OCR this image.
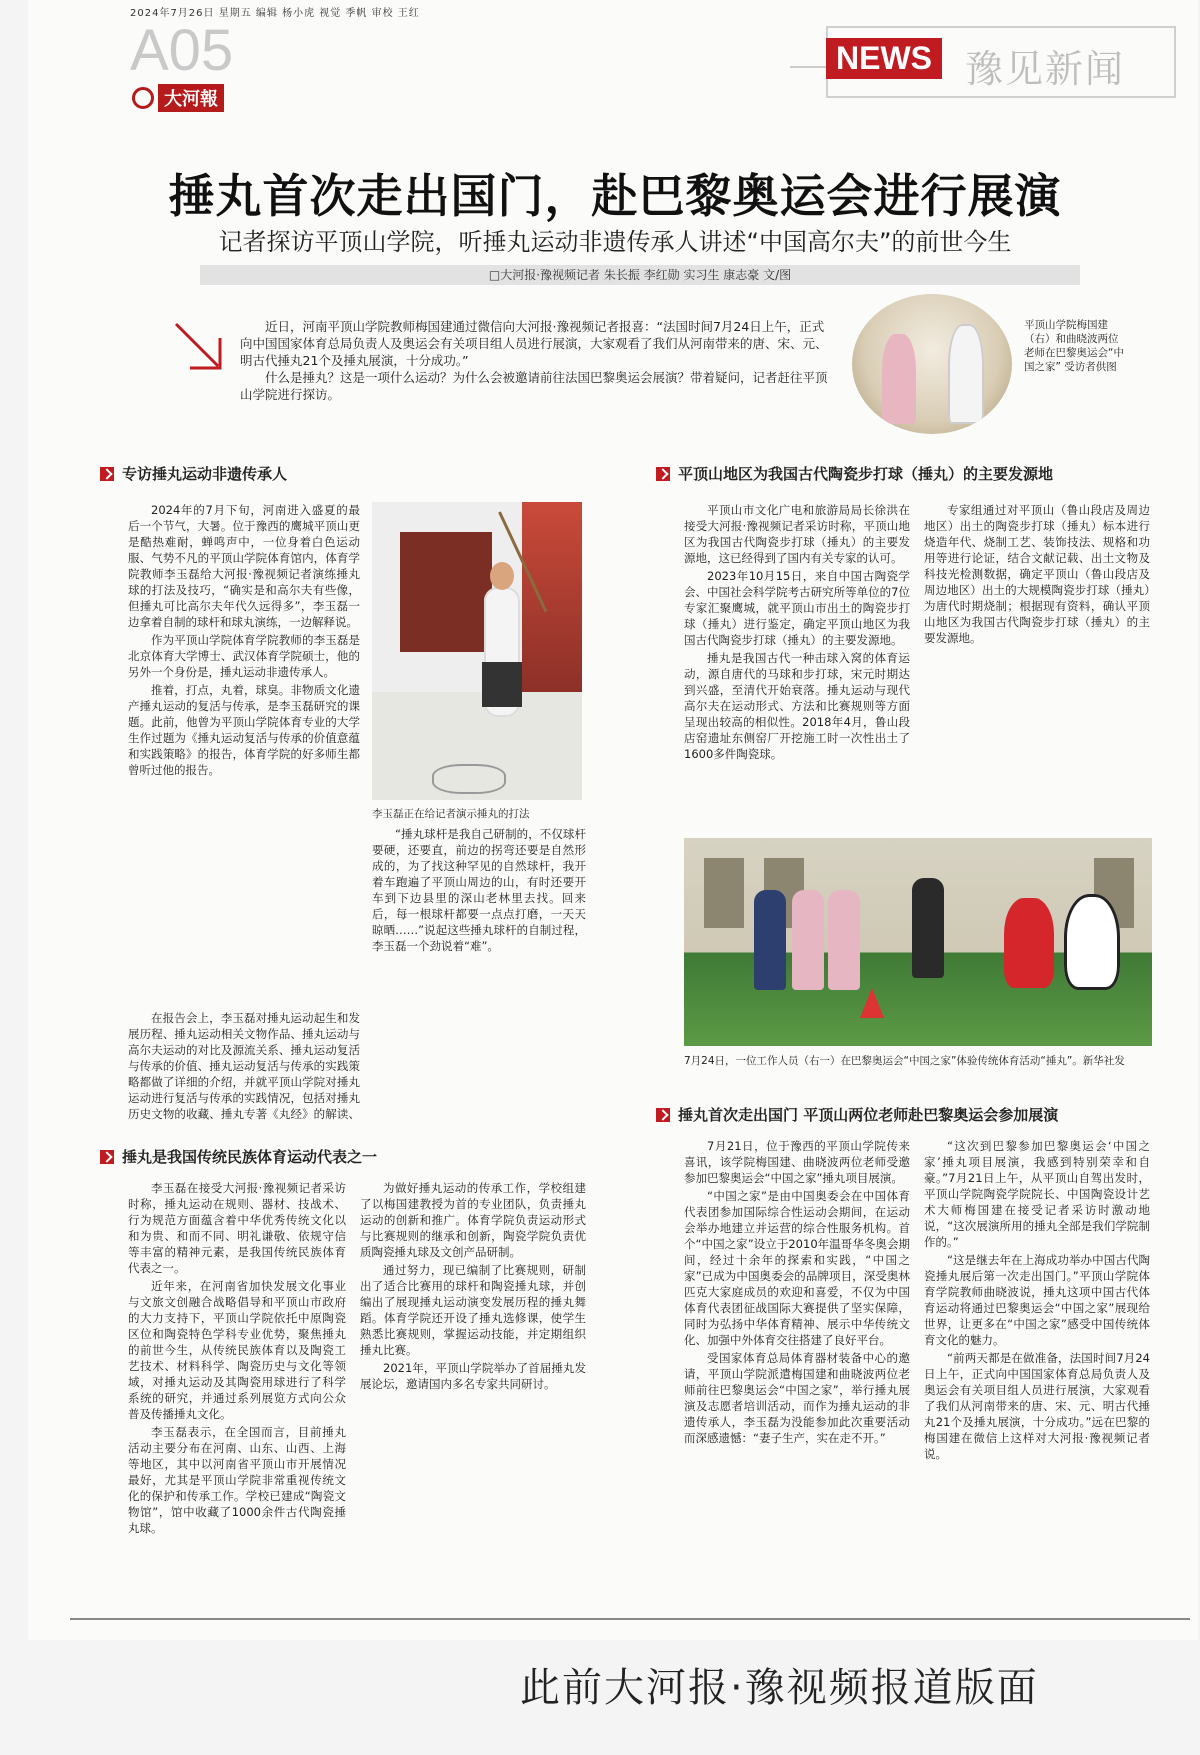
2024年7月26日 星期五 编辑 杨小虎 视觉 季帆 审校 王红
A05
大河報
NEWS 豫见新闻
捶丸首次走出国门，赴巴黎奥运会进行展演
记者探访平顶山学院，听捶丸运动非遗传承人讲述“中国高尔夫”的前世今生
□大河报·豫视频记者 朱长振 李红勋 实习生 康志豪 文/图

近日，河南平顶山学院教师梅国建通过微信向大河报·豫视频记者报喜：“法国时间7月24日上午，正式向中国国家体育总局负责人及奥运会有关项目组人员进行展演，大家观看了我们从河南带来的唐、宋、元、明古代捶丸21个及捶丸展演，十分成功。”

什么是捶丸？这是一项什么运动？为什么会被邀请前往法国巴黎奥运会展演？带着疑问，记者赶往平顶山学院进行探访。

平顶山学院梅国建（右）和曲晓波两位老师在巴黎奥运会“中国之家” 受访者供图
专访捶丸运动非遗传承人

2024年的7月下旬，河南进入盛夏的最后一个节气，大暑。位于豫西的鹰城平顶山更是酷热难耐，蝉鸣声中，一位身着白色运动服、气势不凡的平顶山学院体育馆内，体育学院教师李玉磊给大河报·豫视频记者演练捶丸球的打法及技巧，“确实是和高尔夫有些像，但捶丸可比高尔夫年代久远得多”，李玉磊一边拿着自制的球杆和球丸演练，一边解释说。

作为平顶山学院体育学院教师的李玉磊是北京体育大学博士、武汉体育学院硕士，他的另外一个身份是，捶丸运动非遗传承人。

推着，打点，丸着，球臭。非物质文化遗产捶丸运动的复活与传承，是李玉磊研究的课题。此前，他曾为平顶山学院体育专业的大学生作过题为《捶丸运动复活与传承的价值意蕴和实践策略》的报告，体育学院的好多师生都曾听过他的报告。

在报告会上，李玉磊对捶丸运动起生和发展历程、捶丸运动相关文物作品、捶丸运动与高尔夫运动的对比及源流关系、捶丸运动复活与传承的价值、捶丸运动复活与传承的实践策略都做了详细的介绍，并就平顶山学院对捶丸运动进行复活与传承的实践情况，包括对捶丸历史文物的收藏、捶丸专著《丸经》的解读、

李玉磊正在给记者演示捶丸的打法

“捶丸球杆是我自己研制的，不仅球杆要硬，还要直，前边的拐弯还要是自然形成的，为了找这种罕见的自然球杆，我开着车跑遍了平顶山周边的山，有时还要开车到下边县里的深山老林里去找。回来后，每一根球杆都要一点点打磨，一天天晾晒……”说起这些捶丸球杆的自制过程，李玉磊一个劲说着“难”。

捶丸是我国传统民族体育运动代表之一

李玉磊在接受大河报·豫视频记者采访时称，捶丸运动在规则、器材、技战术、行为规范方面蕴含着中华优秀传统文化以和为贵、和而不同、明礼谦敬、依规守信等丰富的精神元素，是我国传统民族体育代表之一。

近年来，在河南省加快发展文化事业与文旅文创融合战略倡导和平顶山市政府的大力支持下，平顶山学院依托中原陶瓷区位和陶瓷特色学科专业优势，聚焦捶丸的前世今生，从传统民族体育以及陶瓷工艺技术、材料科学、陶瓷历史与文化等领域，对捶丸运动及其陶瓷用球进行了科学系统的研究，并通过系列展览方式向公众普及传播捶丸文化。

李玉磊表示，在全国而言，目前捶丸活动主要分布在河南、山东、山西、上海等地区，其中以河南省平顶山市开展情况最好，尤其是平顶山学院非常重视传统文化的保护和传承工作。学校已建成“陶瓷文物馆”，馆中收藏了1000余件古代陶瓷捶丸球。

为做好捶丸运动的传承工作，学校组建了以梅国建教授为首的专业团队，负责捶丸运动的创新和推广。体育学院负责运动形式与比赛规则的继承和创新，陶瓷学院负责优质陶瓷捶丸球及文创产品研制。

通过努力，现已编制了比赛规则，研制出了适合比赛用的球杆和陶瓷捶丸球，并创编出了展现捶丸运动演变发展历程的捶丸舞蹈。体育学院还开设了捶丸选修课，使学生熟悉比赛规则，掌握运动技能，并定期组织捶丸比赛。

2021年，平顶山学院举办了首届捶丸发展论坛，邀请国内多名专家共同研讨。

平顶山地区为我国古代陶瓷步打球（捶丸）的主要发源地

平顶山市文化广电和旅游局局长徐洪在接受大河报·豫视频记者采访时称，平顶山地区为我国古代陶瓷步打球（捶丸）的主要发源地，这已经得到了国内有关专家的认可。

2023年10月15日，来自中国古陶瓷学会、中国社会科学院考古研究所等单位的7位专家汇聚鹰城，就平顶山市出土的陶瓷步打球（捶丸）进行鉴定，确定平顶山地区为我国古代陶瓷步打球（捶丸）的主要发源地。

捶丸是我国古代一种击球入窝的体育运动，源自唐代的马球和步打球，宋元时期达到兴盛，至清代开始衰落。捶丸运动与现代高尔夫在运动形式、方法和比赛规则等方面呈现出较高的相似性。2018年4月，鲁山段店窑遗址东侧窑厂开挖施工时一次性出土了1600多件陶瓷球。

专家组通过对平顶山（鲁山段店及周边地区）出土的陶瓷步打球（捶丸）标本进行烧造年代、烧制工艺、装饰技法、规格和功用等进行论证，结合文献记载、出土文物及科技光检测数据，确定平顶山（鲁山段店及周边地区）出土的大规模陶瓷步打球（捶丸）为唐代时期烧制；根据现有资料，确认平顶山地区为我国古代陶瓷步打球（捶丸）的主要发源地。

7月24日，一位工作人员（右一）在巴黎奥运会“中国之家”体验传统体育活动“捶丸”。新华社发
捶丸首次走出国门 平顶山两位老师赴巴黎奥运会参加展演

7月21日，位于豫西的平顶山学院传来喜讯，该学院梅国建、曲晓波两位老师受邀参加巴黎奥运会“中国之家”捶丸项目展演。

“中国之家”是由中国奥委会在中国体育代表团参加国际综合性运动会期间，在运动会举办地建立并运营的综合性服务机构。首个“中国之家”设立于2010年温哥华冬奥会期间，经过十余年的探索和实践，“中国之家”已成为中国奥委会的品牌项目，深受奥林匹克大家庭成员的欢迎和喜爱，不仅为中国体育代表团征战国际大赛提供了坚实保障，同时为弘扬中华体育精神、展示中华传统文化、加强中外体育交往搭建了良好平台。

受国家体育总局体育器材装备中心的邀请，平顶山学院派遣梅国建和曲晓波两位老师前往巴黎奥运会“中国之家”，举行捶丸展演及志愿者培训活动，而作为捶丸运动的非遗传承人，李玉磊为没能参加此次重要活动而深感遗憾：“妻子生产，实在走不开。”

“这次到巴黎参加巴黎奥运会‘中国之家’捶丸项目展演，我感到特别荣幸和自豪。”7月21日上午，从平顶山自驾出发时，平顶山学院陶瓷学院院长、中国陶瓷设计艺术大师梅国建在接受记者采访时激动地说，“这次展演所用的捶丸全部是我们学院制作的。”

“这是继去年在上海成功举办中国古代陶瓷捶丸展后第一次走出国门。”平顶山学院体育学院教师曲晓波说，捶丸这项中国古代体育运动将通过巴黎奥运会“中国之家”展现给世界，让更多在“中国之家”感受中国传统体育文化的魅力。

“前两天都是在做准备，法国时间7月24日上午，正式向中国国家体育总局负责人及奥运会有关项目组人员进行展演，大家观看了我们从河南带来的唐、宋、元、明古代捶丸21个及捶丸展演，十分成功。”远在巴黎的梅国建在微信上这样对大河报·豫视频记者说。

此前大河报·豫视频报道版面
